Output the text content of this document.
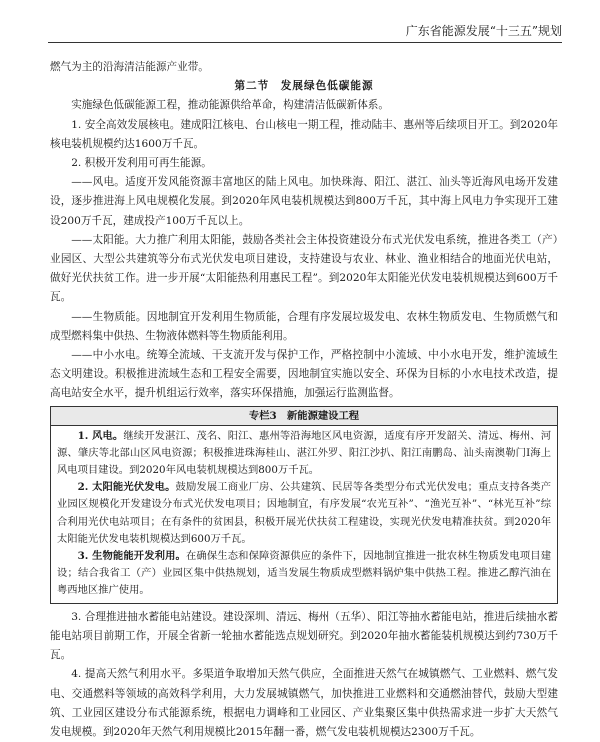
广东省能源发展“十三五”规划

燃气为主的沿海清洁能源产业带。

第二节　发展绿色低碳能源

实施绿色低碳能源工程，推动能源供给革命，构建清洁低碳新体系。

1. 安全高效发展核电。建成阳江核电、台山核电一期工程，推动陆丰、惠州等后续项目开工。到2020年核电装机规模约达1600万千瓦。

2. 积极开发利用可再生能源。

——风电。适度开发风能资源丰富地区的陆上风电。加快珠海、阳江、湛江、汕头等近海风电场开发建设，逐步推进海上风电规模化发展。到2020年风电装机规模达到800万千瓦，其中海上风电力争实现开工建设200万千瓦，建成投产100万千瓦以上。

——太阳能。大力推广利用太阳能，鼓励各类社会主体投资建设分布式光伏发电系统，推进各类工（产）业园区、大型公共建筑等分布式光伏发电项目建设，支持建设与农业、林业、渔业相结合的地面光伏电站，做好光伏扶贫工作。进一步开展“太阳能热利用惠民工程”。到2020年太阳能光伏发电装机规模达到600万千瓦。

——生物质能。因地制宜开发利用生物质能，合理有序发展垃圾发电、农林生物质发电、生物质燃气和成型燃料集中供热、生物液体燃料等生物质能利用。

——中小水电。统筹全流域、干支流开发与保护工作，严格控制中小流域、中小水电开发，维护流域生态文明建设。积极推进流域生态和工程安全需要，因地制宜实施以安全、环保为目标的小水电技术改造，提高电站安全水平，提升机组运行效率，落实环保措施，加强运行监测监督。

专栏3　新能源建设工程

1. 风电。继续开发湛江、茂名、阳江、惠州等沿海地区风电资源，适度有序开发韶关、清远、梅州、河源、肇庆等北部山区风电资源；积极推进珠海桂山、湛江外罗、阳江沙扒、阳江南鹏岛、汕头南澳勒门Ⅰ海上风电项目建设。到2020年风电装机规模达到800万千瓦。

2. 太阳能光伏发电。鼓励发展工商业厂房、公共建筑、民居等各类型分布式光伏发电；重点支持各类产业园区规模化开发建设分布式光伏发电项目；因地制宜，有序发展“农光互补”、“渔光互补”、“林光互补”综合利用光伏电站项目；在有条件的贫困县，积极开展光伏扶贫工程建设，实现光伏发电精准扶贫。到2020年太阳能光伏发电装机规模达到600万千瓦。

3. 生物能能开发利用。在确保生态和保障资源供应的条件下，因地制宜推进一批农林生物质发电项目建设；结合我省工（产）业园区集中供热规划，适当发展生物质成型燃料锅炉集中供热工程。推进乙醇汽油在粤西地区推广使用。

3. 合理推进抽水蓄能电站建设。建设深圳、清远、梅州（五华）、阳江等抽水蓄能电站，推进后续抽水蓄能电站项目前期工作，开展全省新一轮抽水蓄能选点规划研究。到2020年抽水蓄能装机规模达到约730万千瓦。

4. 提高天然气利用水平。多渠道争取增加天然气供应，全面推进天然气在城镇燃气、工业燃料、燃气发电、交通燃料等领域的高效科学利用，大力发展城镇燃气，加快推进工业燃料和交通燃油替代，鼓励大型建筑、工业园区建设分布式能源系统，根据电力调峰和工业园区、产业集聚区集中供热需求进一步扩大天然气发电规模。到2020年天然气利用规模比2015年翻一番，燃气发电装机规模达2300万千瓦。
